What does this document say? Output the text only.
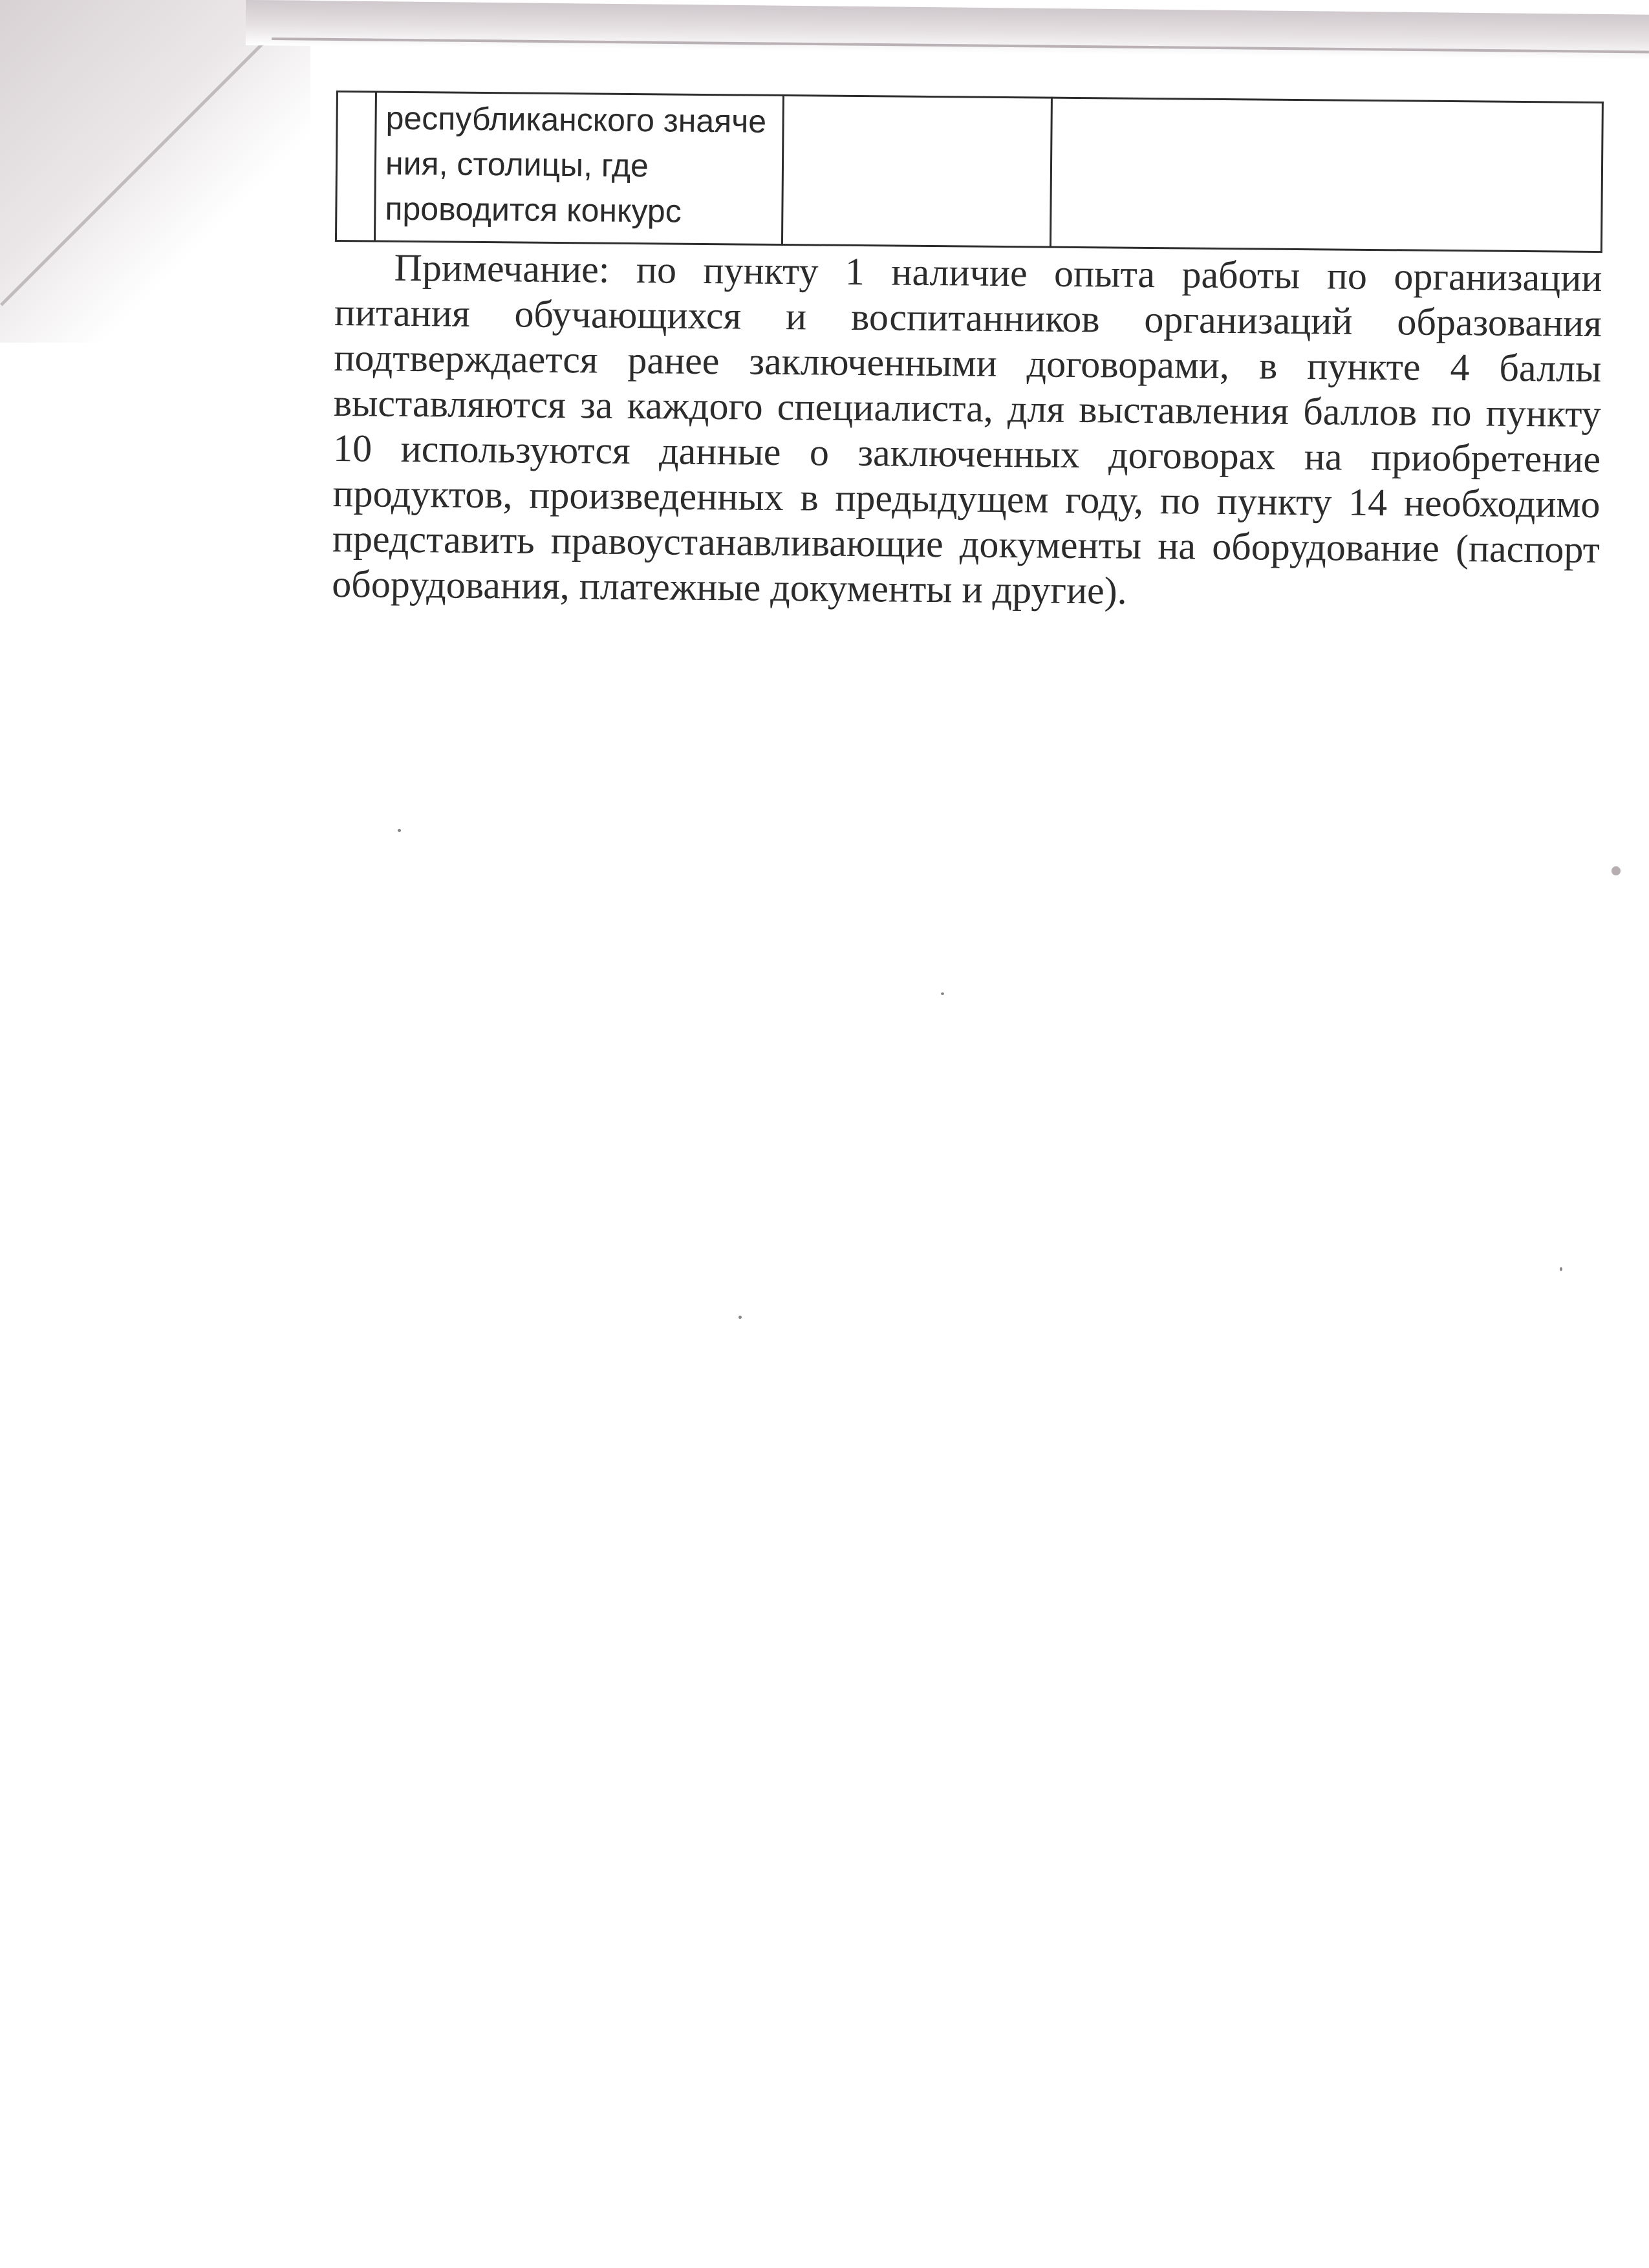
республиканского знаяче
ния, столицы, где
проводится конкурс

Примечание: по пункту 1 наличие опыта работы по организации питания обучающихся и воспитанников организаций образования подтверждается ранее заключенными договорами, в пункте 4 баллы выставляются за каждого специалиста, для выставления баллов по пункту 10 используются данные о заключенных договорах на приобретение продуктов, произведенных в предыдущем году, по пункту 14 необходимо представить правоустанавливающие документы на оборудование (паспорт оборудования, платежные документы и другие).
